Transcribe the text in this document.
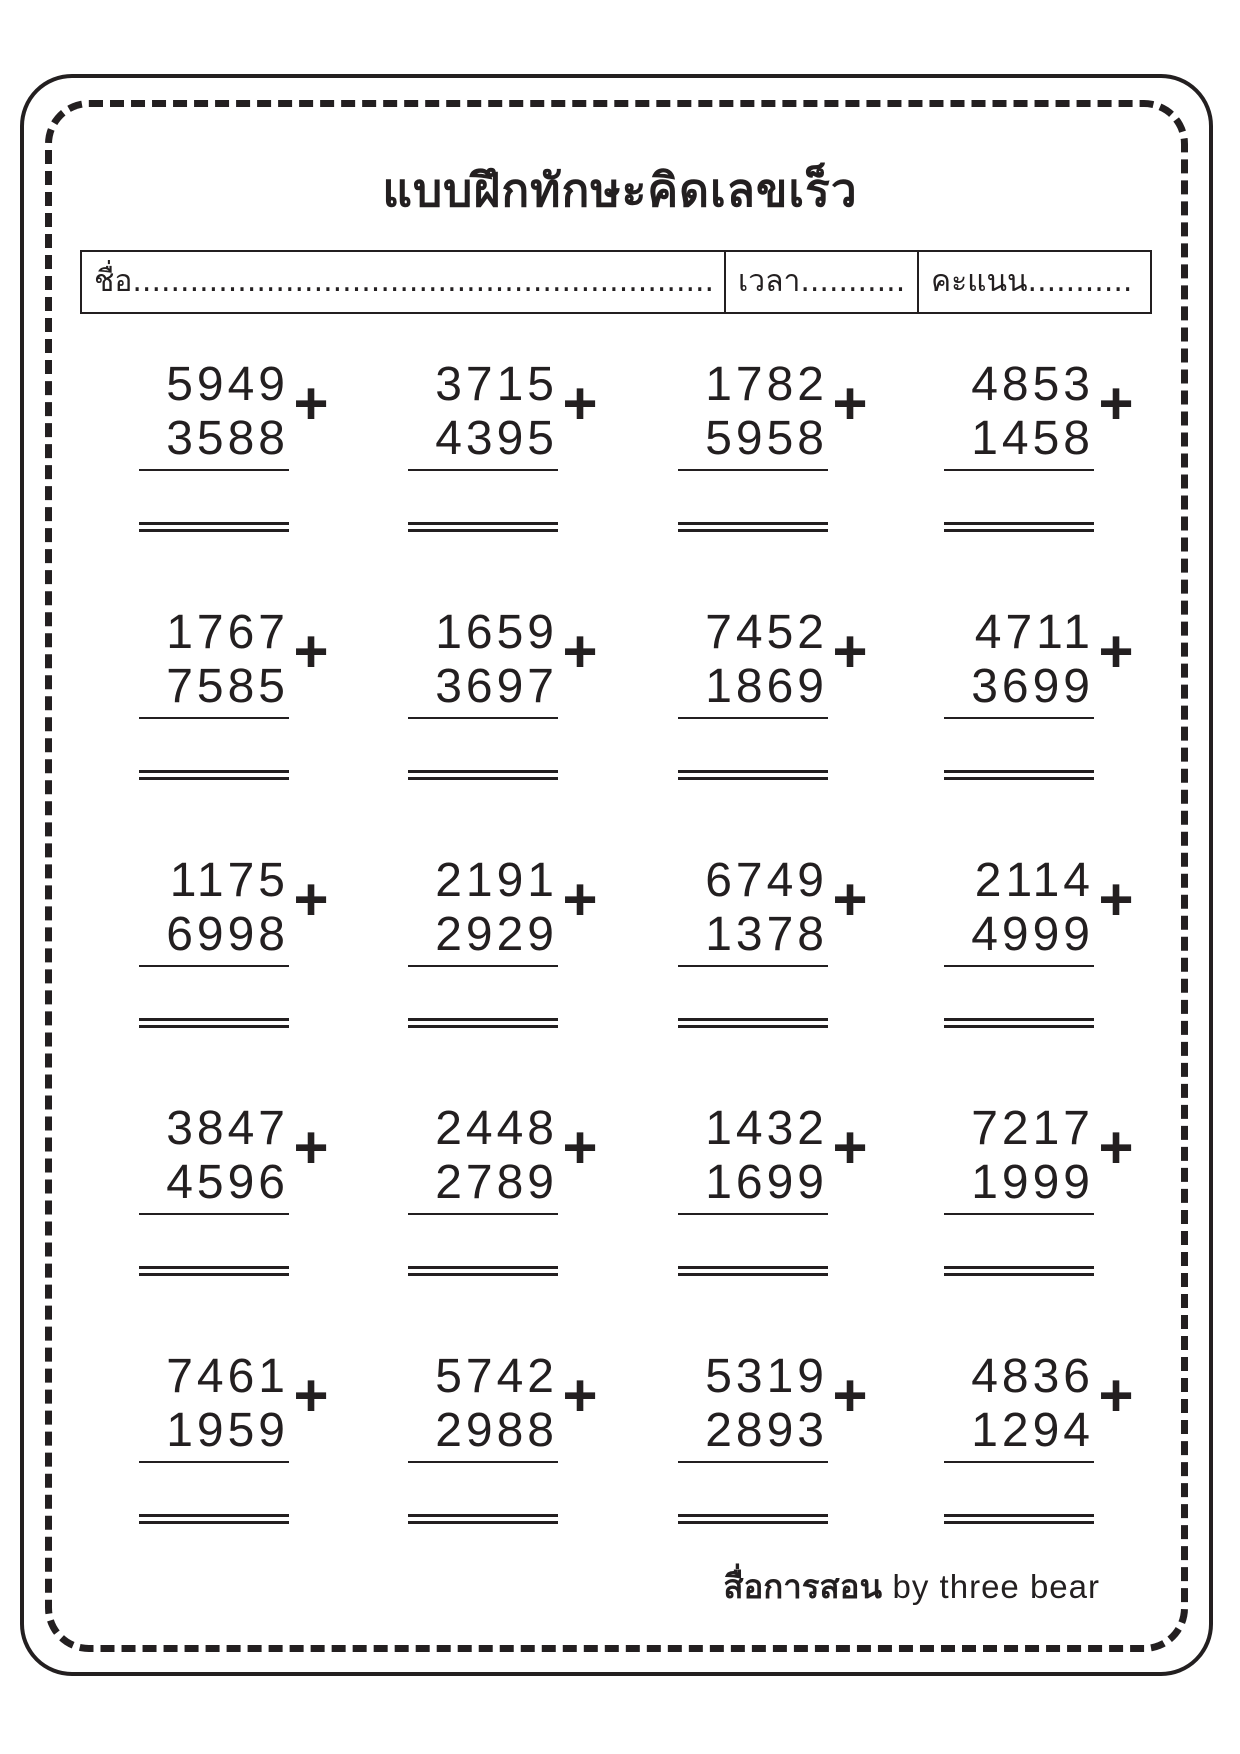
แบบฝึกทักษะคิดเลขเร็ว
ชื่อ............................................................. เวลา........... คะแนน...........
5949
3588
+	3715
4395
+	1782
5958
+	4853
1458
+
1767
7585
+	1659
3697
+	7452
1869
+	4711
3699
+
1175
6998
+	2191
2929
+	6749
1378
+	2114
4999
+
3847
4596
+	2448
2789
+	1432
1699
+	7217
1999
+
7461
1959
+	5742
2988
+	5319
2893
+	4836
1294
+
สื่อการสอน by three bear
